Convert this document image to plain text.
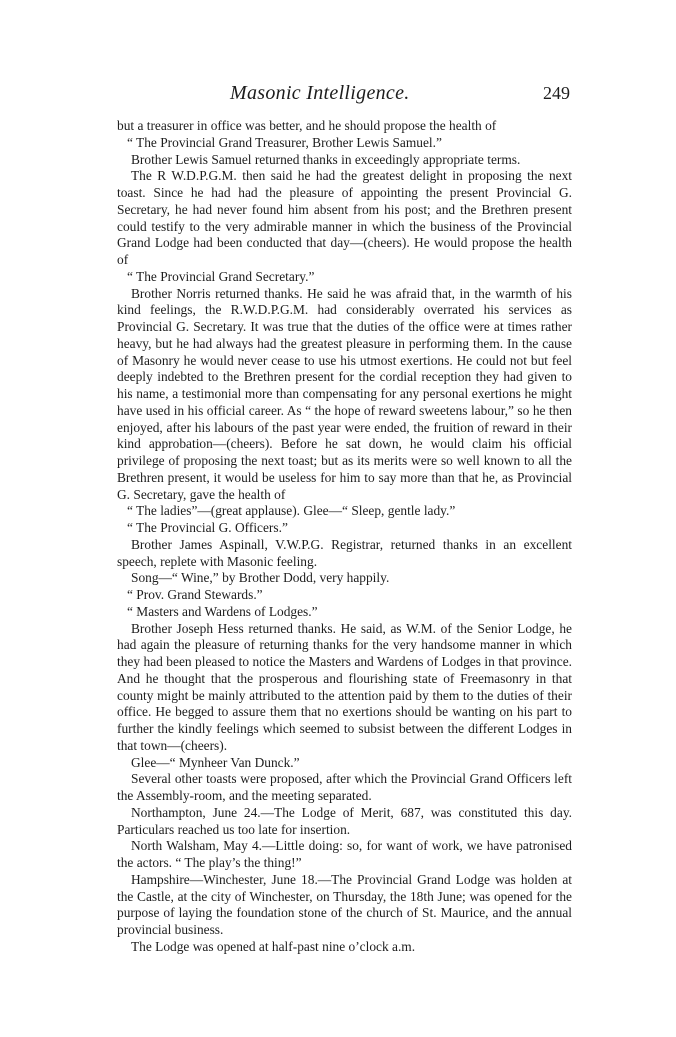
Masonic Intelligence.	249

but a treasurer in office was better, and he should propose the health of

“ The Provincial Grand Treasurer, Brother Lewis Samuel.”

Brother Lewis Samuel returned thanks in exceedingly appropriate terms.

The R W.D.P.G.M. then said he had the greatest delight in proposing the next toast. Since he had had the pleasure of appointing the present Provincial G. Secretary, he had never found him absent from his post; and the Brethren present could testify to the very admirable manner in which the business of the Provincial Grand Lodge had been conducted that day—(cheers). He would propose the health of

“ The Provincial Grand Secretary.”

Brother Norris returned thanks. He said he was afraid that, in the warmth of his kind feelings, the R.W.D.P.G.M. had considerably overrated his services as Provincial G. Secretary. It was true that the duties of the office were at times rather heavy, but he had always had the greatest pleasure in performing them. In the cause of Masonry he would never cease to use his utmost exertions. He could not but feel deeply indebted to the Brethren present for the cordial reception they had given to his name, a testimonial more than compensating for any personal exertions he might have used in his official career. As “ the hope of reward sweetens labour,” so he then enjoyed, after his labours of the past year were ended, the fruition of reward in their kind approbation—(cheers). Before he sat down, he would claim his official privilege of proposing the next toast; but as its merits were so well known to all the Brethren present, it would be useless for him to say more than that he, as Provincial G. Secretary, gave the health of

“ The ladies”—(great applause). Glee—“ Sleep, gentle lady.”

“ The Provincial G. Officers.”

Brother James Aspinall, V.W.P.G. Registrar, returned thanks in an excellent speech, replete with Masonic feeling.

Song—“ Wine,” by Brother Dodd, very happily.

“ Prov. Grand Stewards.”

“ Masters and Wardens of Lodges.”

Brother Joseph Hess returned thanks. He said, as W.M. of the Senior Lodge, he had again the pleasure of returning thanks for the very handsome manner in which they had been pleased to notice the Masters and Wardens of Lodges in that province. And he thought that the prosperous and flourishing state of Freemasonry in that county might be mainly attributed to the attention paid by them to the duties of their office. He begged to assure them that no exertions should be wanting on his part to further the kindly feelings which seemed to subsist between the different Lodges in that town—(cheers).

Glee—“ Mynheer Van Dunck.”

Several other toasts were proposed, after which the Provincial Grand Officers left the Assembly-room, and the meeting separated.

Northampton, June 24.—The Lodge of Merit, 687, was constituted this day. Particulars reached us too late for insertion.

North Walsham, May 4.—Little doing: so, for want of work, we have patronised the actors. “ The play’s the thing!”

Hampshire—Winchester, June 18.—The Provincial Grand Lodge was holden at the Castle, at the city of Winchester, on Thursday, the 18th June; was opened for the purpose of laying the foundation stone of the church of St. Maurice, and the annual provincial business.

The Lodge was opened at half-past nine o’clock a.m.
